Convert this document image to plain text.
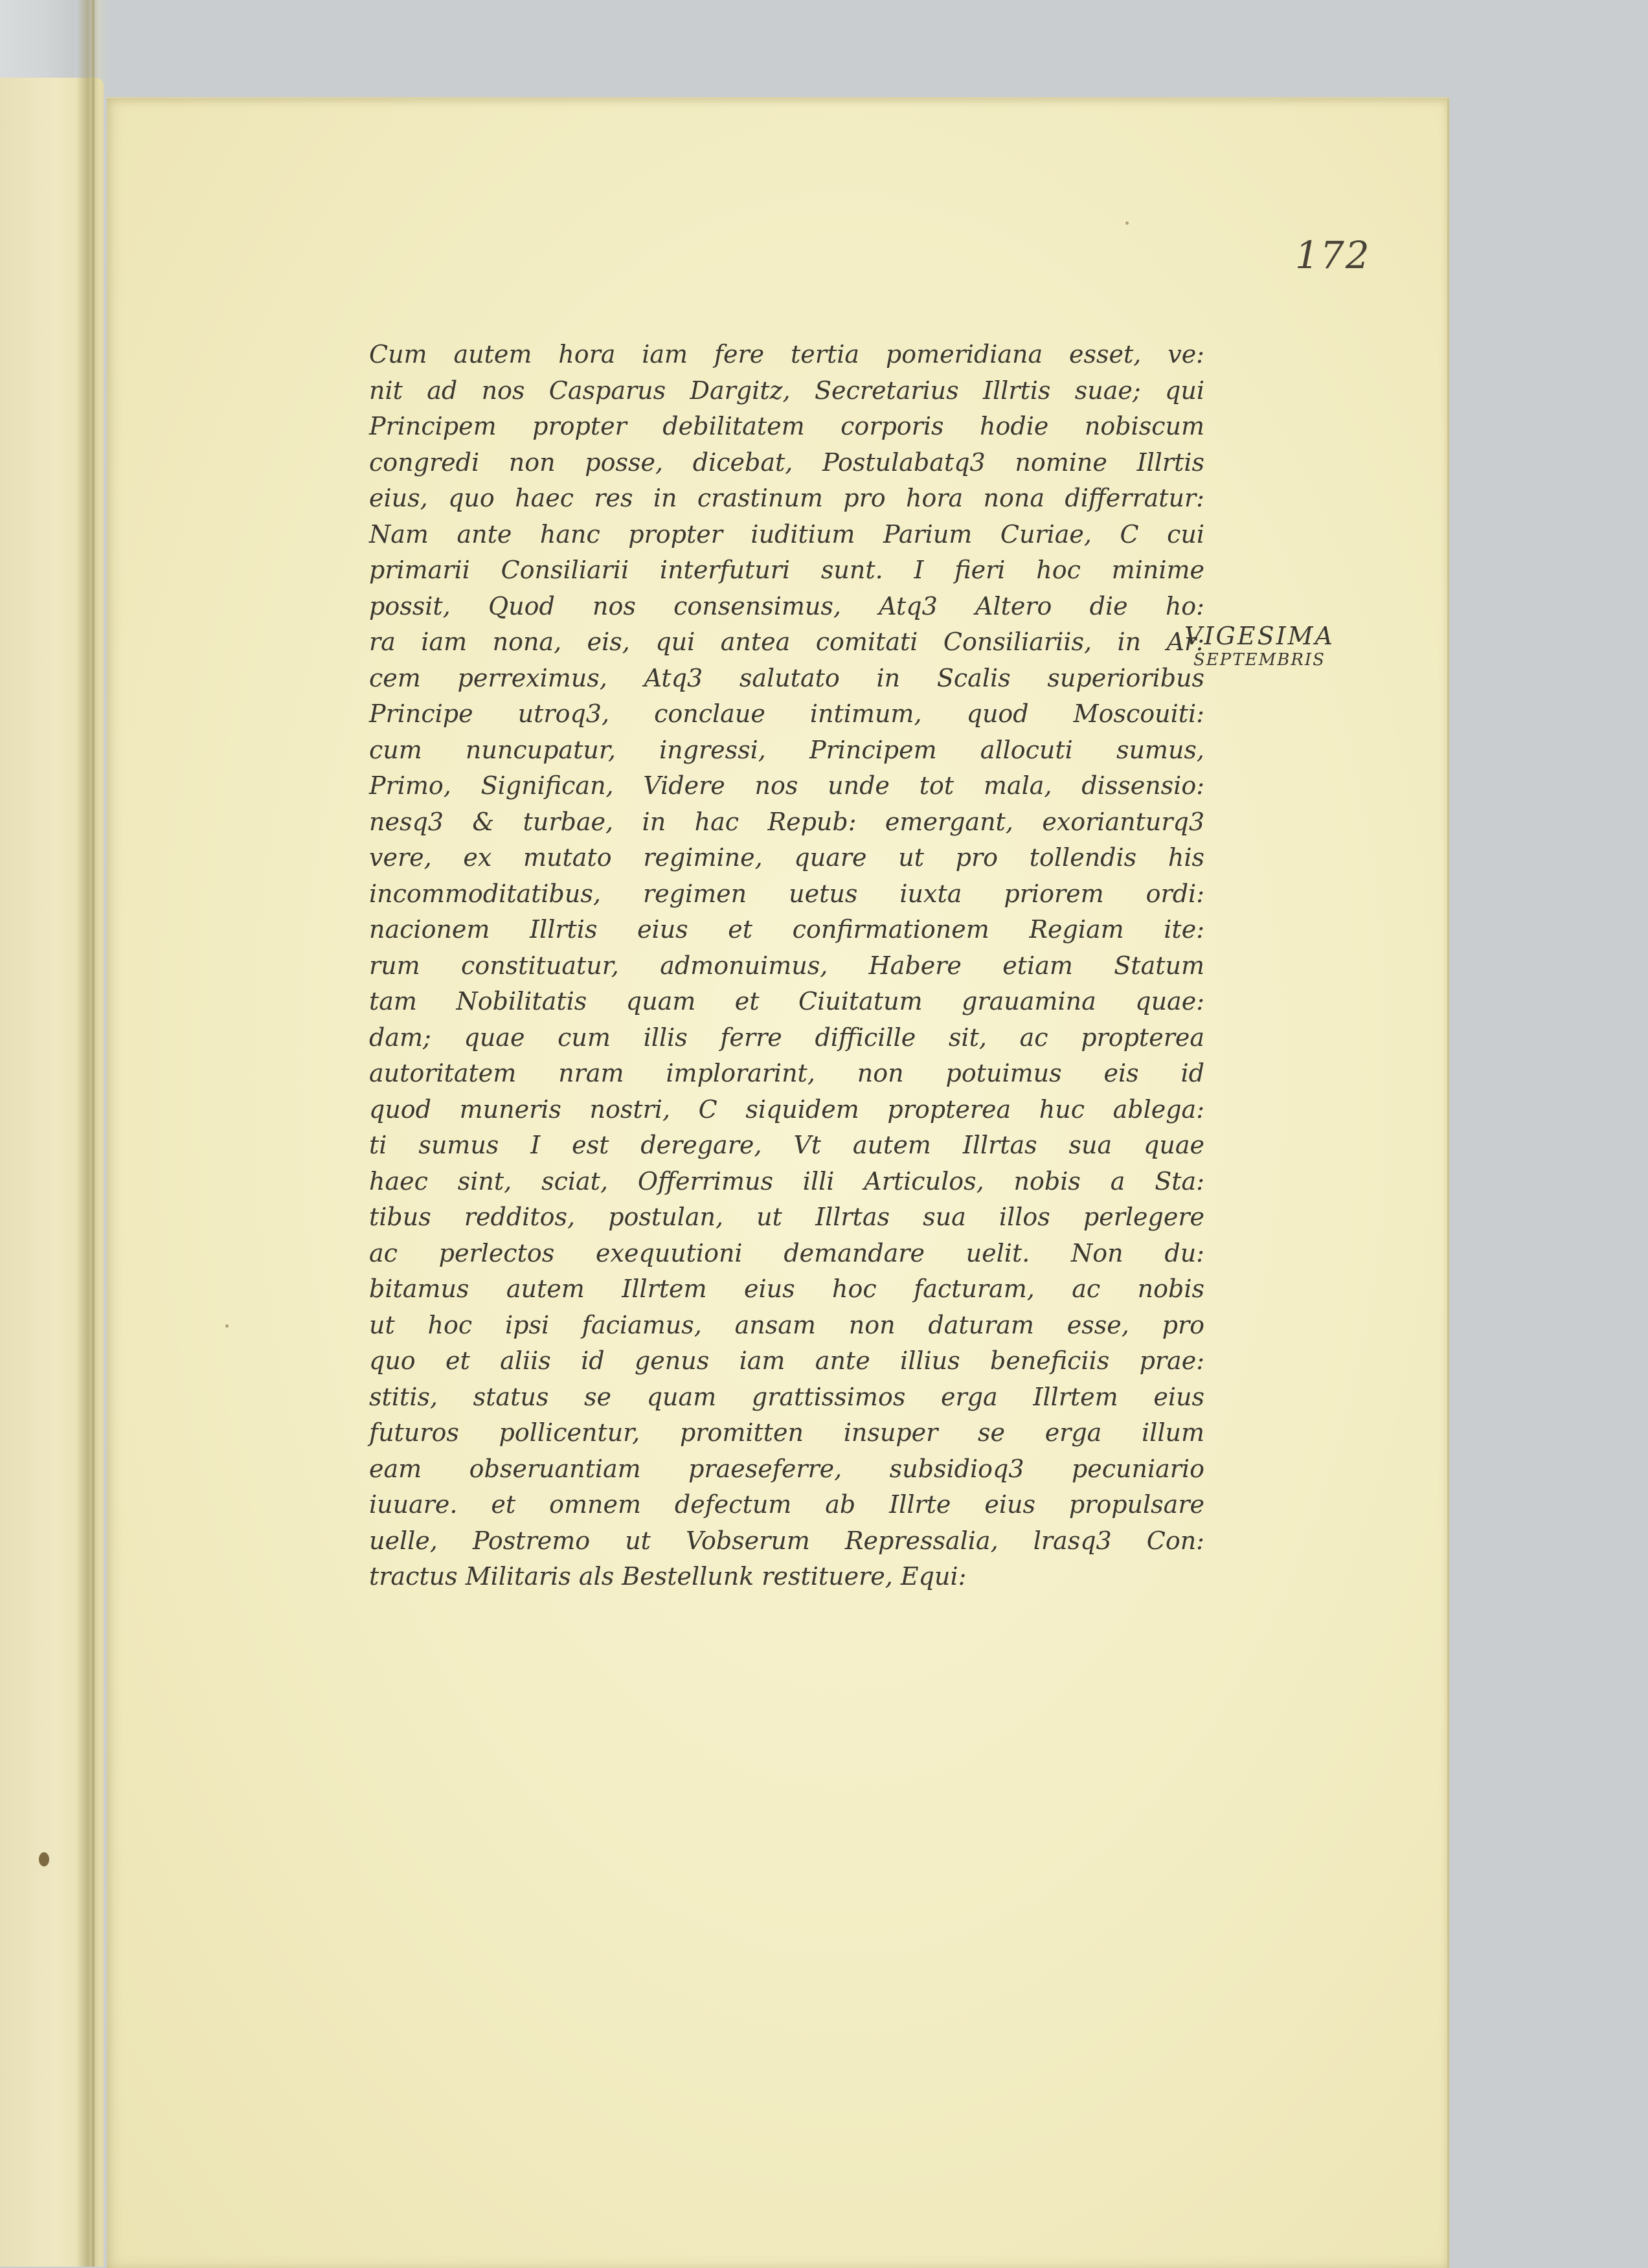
172
VIGESIMA
SEPTEMBRIS
Cum autem hora iam fere tertia pomeridiana esset, ve:
nit ad nos Casparus Dargitz, Secretarius Illrtis suae; qui
Principem propter debilitatem corporis hodie nobiscum
congredi non posse, dicebat, Postulabatq3 nomine Illrtis
eius, quo haec res in crastinum pro hora nona differratur:
Nam ante hanc propter iuditium Parium Curiae, C cui
primarii Consiliarii interfuturi sunt. I fieri hoc minime
possit, Quod nos consensimus, Atq3 Altero die ho:
ra iam nona, eis, qui antea comitati Consiliariis, in Ar:
cem perreximus, Atq3 salutato in Scalis superioribus
Principe utroq3, conclaue intimum, quod Moscouiti:
cum nuncupatur, ingressi, Principem allocuti sumus,
Primo, Significan, Videre nos unde tot mala, dissensio:
nesq3 & turbae, in hac Repub: emergant, exorianturq3
vere, ex mutato regimine, quare ut pro tollendis his
incommoditatibus, regimen uetus iuxta priorem ordi:
nacionem Illrtis eius et confirmationem Regiam ite:
rum constituatur, admonuimus, Habere etiam Statum
tam Nobilitatis quam et Ciuitatum grauamina quae:
dam; quae cum illis ferre difficille sit, ac propterea
autoritatem nram implorarint, non potuimus eis id
quod muneris nostri, C siquidem propterea huc ablega:
ti sumus I est deregare, Vt autem Illrtas sua quae
haec sint, sciat, Offerrimus illi Articulos, nobis a Sta:
tibus redditos, postulan, ut Illrtas sua illos perlegere
ac perlectos exequutioni demandare uelit. Non du:
bitamus autem Illrtem eius hoc facturam, ac nobis
ut hoc ipsi faciamus, ansam non daturam esse, pro
quo et aliis id genus iam ante illius beneficiis prae:
stitis, status se quam grattissimos erga Illrtem eius
futuros pollicentur, promitten insuper se erga illum
eam obseruantiam praeseferre, subsidioq3 pecuniario
iuuare. et omnem defectum ab Illrte eius propulsare
uelle, Postremo ut Vobserum Repressalia, lrasq3 Con:
tractus Militaris als Bestellunk restituere, Equi:
